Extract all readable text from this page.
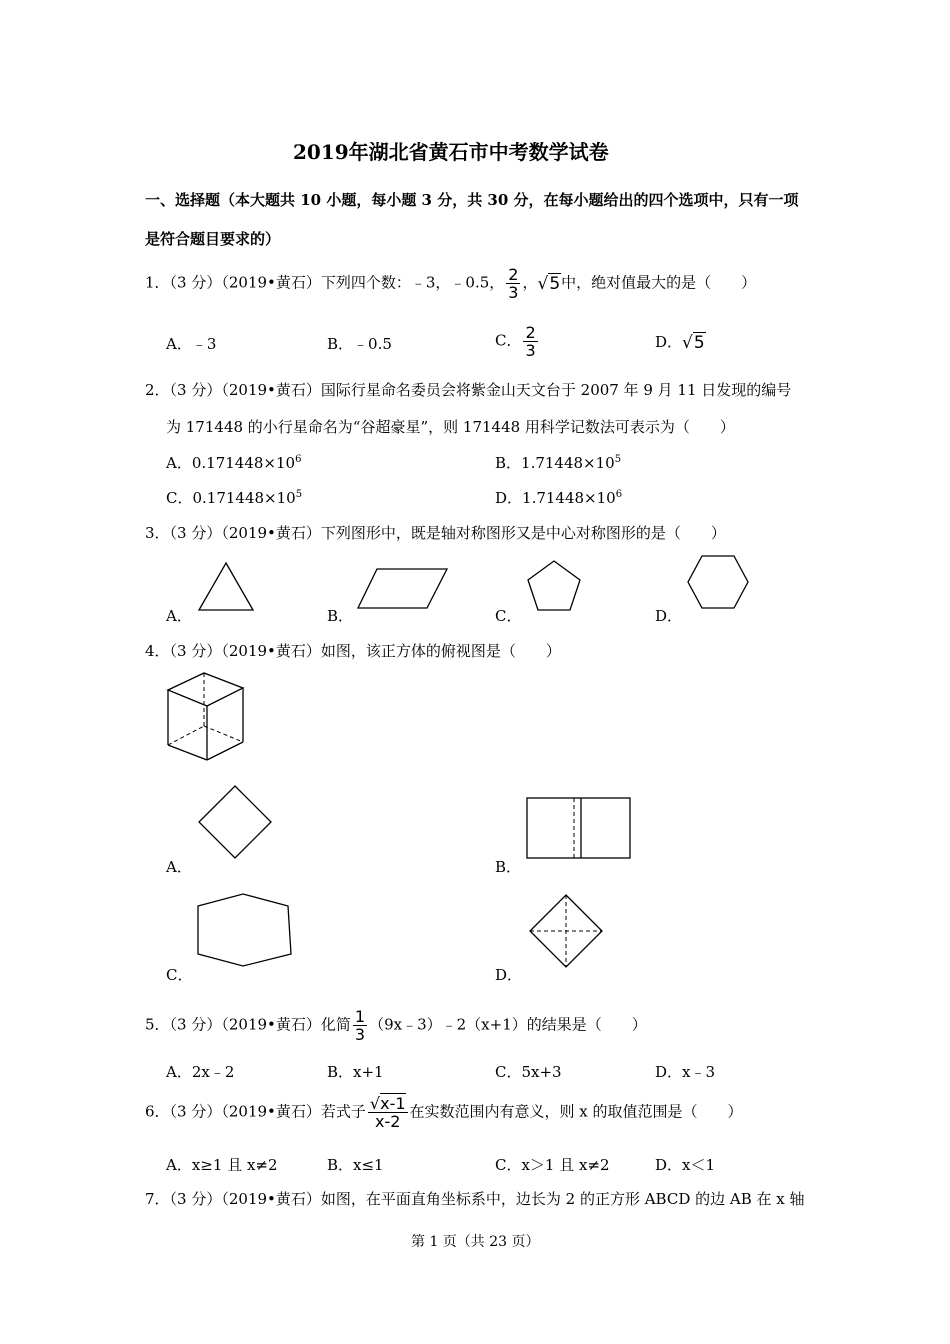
2019年湖北省黄石市中考数学试卷
一、选择题（本大题共 10 小题，每小题 3 分，共 30 分，在每小题给出的四个选项中，只有一项
是符合题目要求的）
1．（3 分）（2019•黄石）下列四个数：﹣3，﹣0.5， $\frac{2}{3}$ ，√5中，绝对值最大的是（　　）
A．﹣3	B．﹣0.5	C． $\frac{2}{3}$	D．√5
2．（3 分）（2019•黄石）国际行星命名委员会将紫金山天文台于 2007 年 9 月 11 日发现的编号
为 171448 的小行星命名为“谷超豪星”，则 171448 用科学记数法可表示为（　　）
A．$0.171448\times 10^6$	B．$1.71448\times 10^5$
C．$0.171448\times 10^5$	D．$1.71448\times 10^6$
3．（3 分）（2019•黄石）下列图形中，既是轴对称图形又是中心对称图形的是（　　）
A．	B．	C．	D．
4．（3 分）（2019•黄石）如图，该正方体的俯视图是（　　）
A．	B．
C．	D．
5．（3 分）（2019•黄石）化简 $\frac{1}{3}$ （9x﹣3）﹣2（x+1）的结果是（　　）
A．2x﹣2	B．x+1	C．5x+3	D．x﹣3
6．（3 分）（2019•黄石）若式子 $\frac{√x-1}{x-2}$ 在实数范围内有意义，则 x 的取值范围是（　　）
A．x≥1 且 x≠2	B．x≤1	C．x＞1 且 x≠2	D．x＜1
7．（3 分）（2019•黄石）如图，在平面直角坐标系中，边长为 2 的正方形 ABCD 的边 AB 在 x 轴
第 1 页（共 23 页）
